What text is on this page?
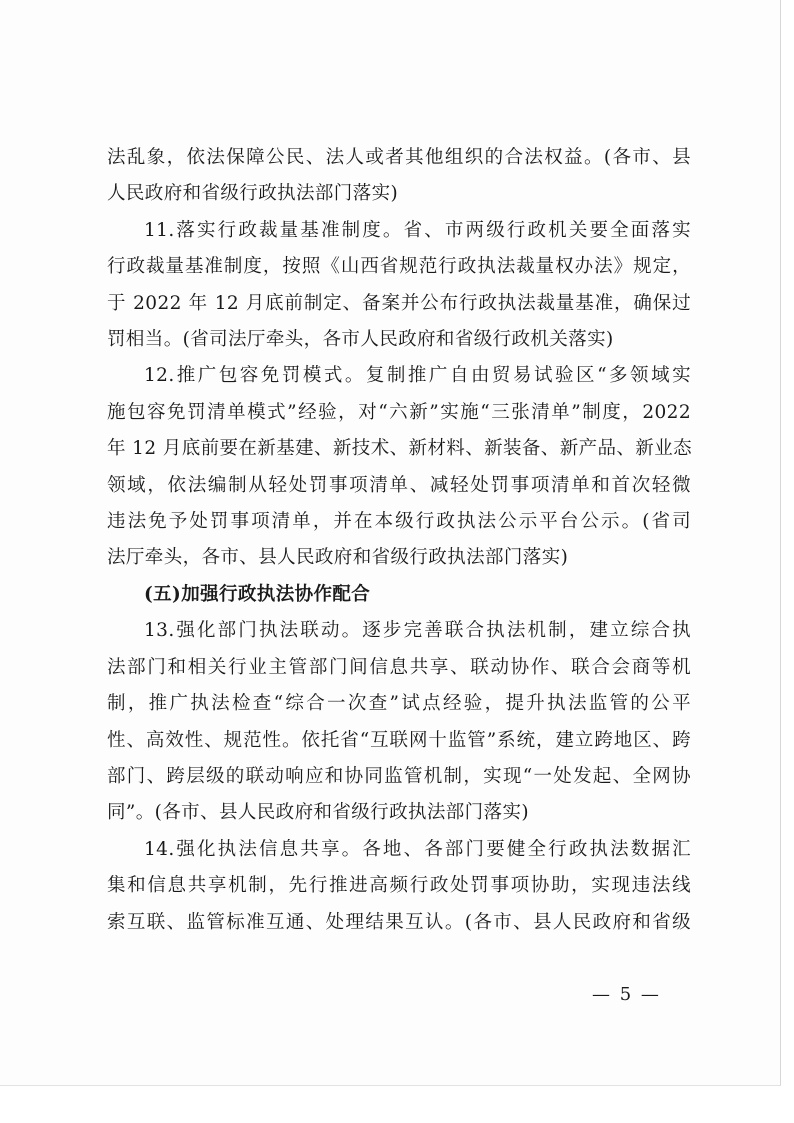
法乱象，依法保障公民、法人或者其他组织的合法权益。(各市、县

人民政府和省级行政执法部门落实)

11.落实行政裁量基准制度。省、市两级行政机关要全面落实

行政裁量基准制度，按照《山西省规范行政执法裁量权办法》规定，

于 2022 年 12 月底前制定、备案并公布行政执法裁量基准，确保过

罚相当。(省司法厅牵头，各市人民政府和省级行政机关落实)

12.推广包容免罚模式。复制推广自由贸易试验区“多领域实

施包容免罚清单模式”经验，对“六新”实施“三张清单”制度，2022

年 12 月底前要在新基建、新技术、新材料、新装备、新产品、新业态

领域，依法编制从轻处罚事项清单、减轻处罚事项清单和首次轻微

违法免予处罚事项清单，并在本级行政执法公示平台公示。(省司

法厅牵头，各市、县人民政府和省级行政执法部门落实)

(五)加强行政执法协作配合

13.强化部门执法联动。逐步完善联合执法机制，建立综合执

法部门和相关行业主管部门间信息共享、联动协作、联合会商等机

制，推广执法检查“综合一次查”试点经验，提升执法监管的公平

性、高效性、规范性。依托省“互联网十监管”系统，建立跨地区、跨

部门、跨层级的联动响应和协同监管机制，实现“一处发起、全网协

同”。(各市、县人民政府和省级行政执法部门落实)

14.强化执法信息共享。各地、各部门要健全行政执法数据汇

集和信息共享机制，先行推进高频行政处罚事项协助，实现违法线

索互联、监管标准互通、处理结果互认。(各市、县人民政府和省级

— 5 —
